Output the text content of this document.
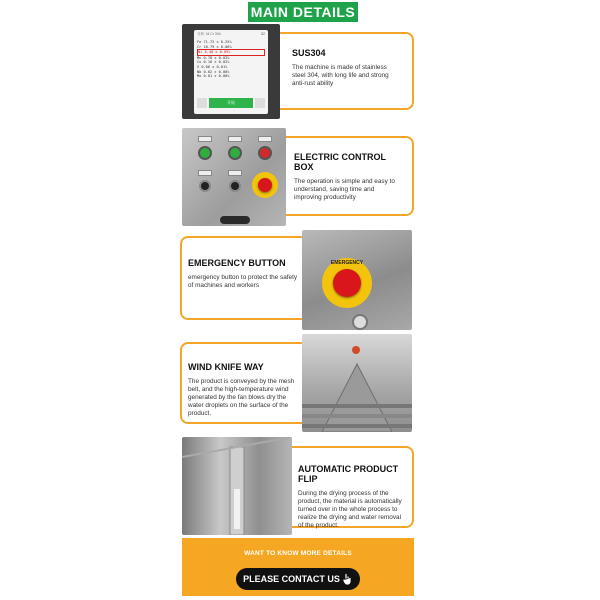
MAIN DETAILS
分析 Ni Cr 304	82
Fe 71.72 ± 0.25%
Cr 18.79 ± 0.06%
Ni 8.48 ± 0.09%
Mn 0.78 ± 0.03%
Cu 0.16 ± 0.02%
V 0.06 ± 0.01%
Nb 0.02 ± 0.00%
Mo 0.01 ± 0.00%
开始
SUS304

The machine is made of stainless steel 304, with long life and strong anti-rust ability

ELECTRIC CONTROL BOX

The operation is simple and easy to understand, saving time and improving productivity

EMERGENCY BUTTON

emergency button to protect the safety of machines and workers

EMERGENCY
WIND KNIFE WAY

The product is conveyed by the mesh belt, and the high-temperature wind generated by the fan blows dry the water droplets on the surface of the product.

AUTOMATIC PRODUCT FLIP

During the drying process of the product, the material is automatically turned over in the whole process to realize the drying and water removal of the product.

WANT TO KNOW MORE DETAILS
PLEASE CONTACT US
